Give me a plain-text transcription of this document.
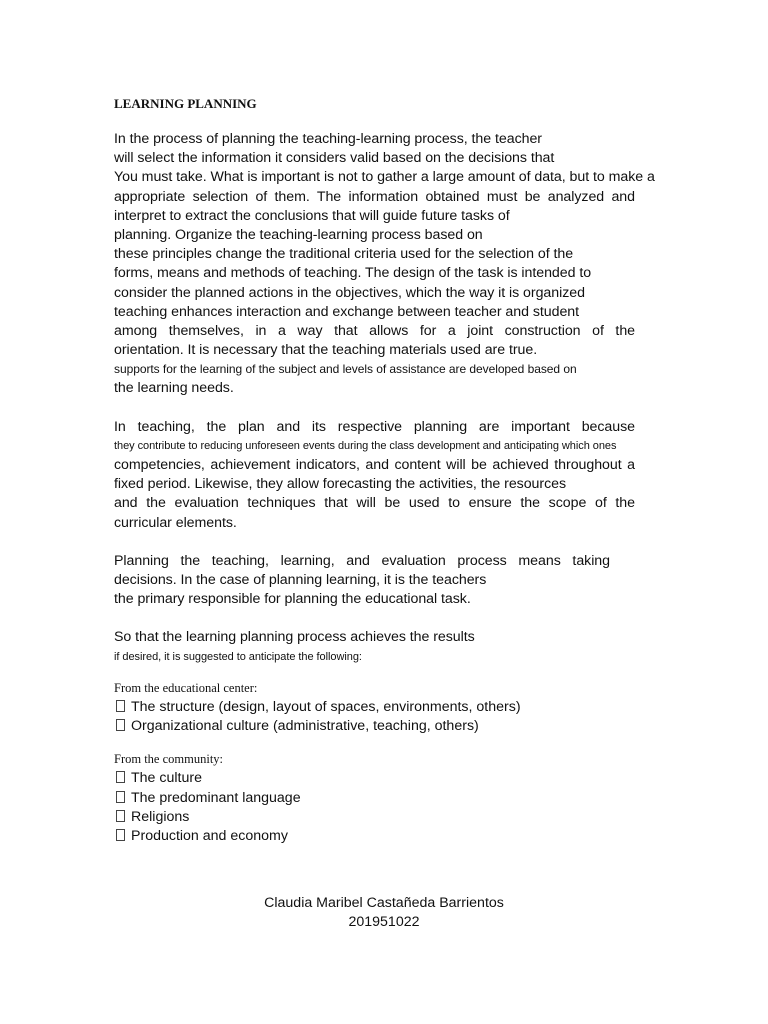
LEARNING PLANNING
In the process of planning the teaching-learning process, the teacher
will select the information it considers valid based on the decisions that
You must take. What is important is not to gather a large amount of data, but to make a
appropriate selection of them. The information obtained must be analyzed and
interpret to extract the conclusions that will guide future tasks of
planning. Organize the teaching-learning process based on
these principles change the traditional criteria used for the selection of the
forms, means and methods of teaching. The design of the task is intended to
consider the planned actions in the objectives, which the way it is organized
teaching enhances interaction and exchange between teacher and student
among themselves, in a way that allows for a joint construction of the
orientation. It is necessary that the teaching materials used are true.
supports for the learning of the subject and levels of assistance are developed based on
the learning needs.
In teaching, the plan and its respective planning are important because
they contribute to reducing unforeseen events during the class development and anticipating which ones
competencies, achievement indicators, and content will be achieved throughout a
fixed period. Likewise, they allow forecasting the activities, the resources
and the evaluation techniques that will be used to ensure the scope of the
curricular elements.
Planning the teaching, learning, and evaluation process means taking
decisions. In the case of planning learning, it is the teachers
the primary responsible for planning the educational task.
So that the learning planning process achieves the results
if desired, it is suggested to anticipate the following:
From the educational center:
The structure (design, layout of spaces, environments, others)
Organizational culture (administrative, teaching, others)
From the community:
The culture
The predominant language
Religions
Production and economy
Claudia Maribel Castañeda Barrientos
201951022
